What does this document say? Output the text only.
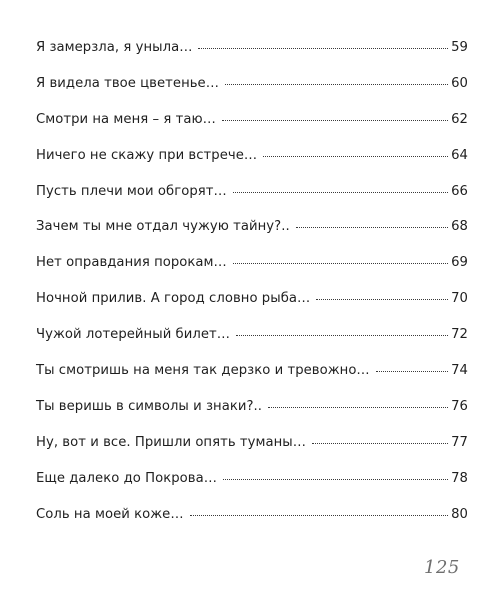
Я замерзла, я уныла…	59
Я видела твое цветенье…	60
Смотри на меня – я таю…	62
Ничего не скажу при встрече…	64
Пусть плечи мои обгорят…	66
Зачем ты мне отдал чужую тайну?..	68
Нет оправдания порокам…	69
Ночной прилив. А город словно рыба…	70
Чужой лотерейный билет…	72
Ты смотришь на меня так дерзко и тревожно…	74
Ты веришь в символы и знаки?..	76
Ну, вот и все. Пришли опять туманы…	77
Еще далеко до Покрова…	78
Соль на моей коже…	80
125
